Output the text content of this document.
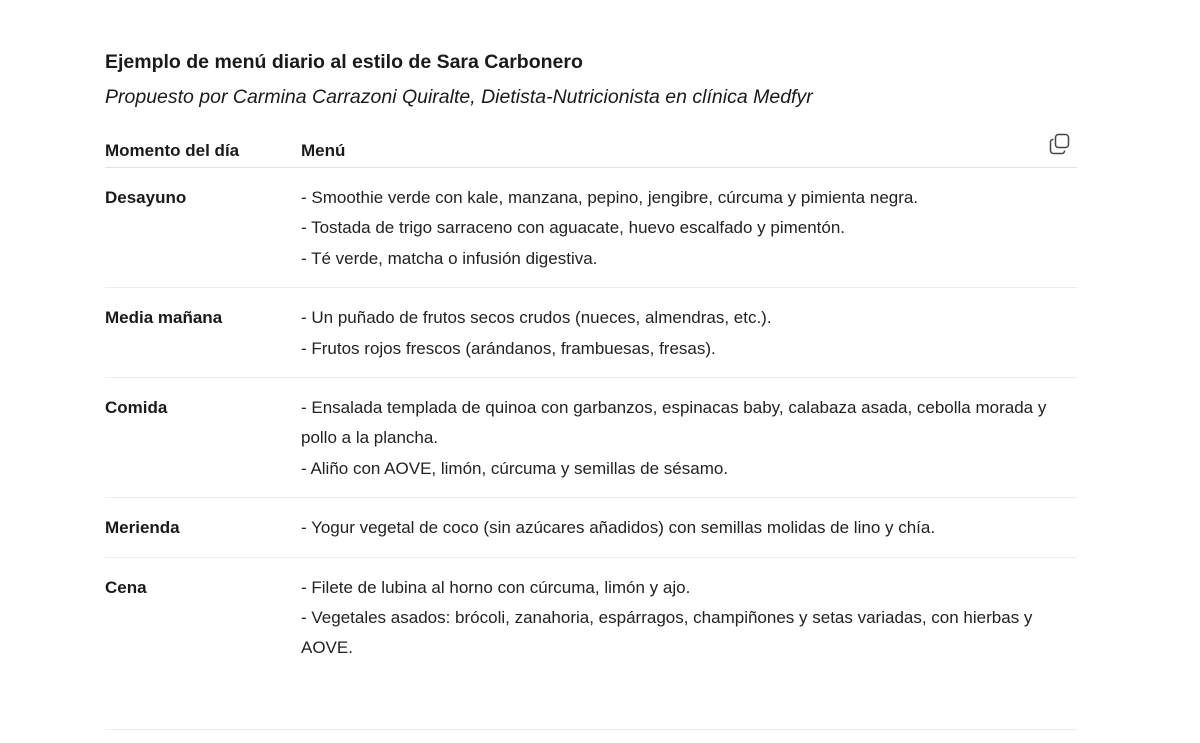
Ejemplo de menú diario al estilo de Sara Carbonero

Propuesto por Carmina Carrazoni Quiralte, Dietista-Nutricionista en clínica Medfyr

Momento del día	Menú
Desayuno	- Smoothie verde con kale, manzana, pepino, jengibre, cúrcuma y pimienta negra.
- Tostada de trigo sarraceno con aguacate, huevo escalfado y pimentón.
- Té verde, matcha o infusión digestiva.
Media mañana	- Un puñado de frutos secos crudos (nueces, almendras, etc.).
- Frutos rojos frescos (arándanos, frambuesas, fresas).
Comida	- Ensalada templada de quinoa con garbanzos, espinacas baby, calabaza asada, cebolla morada y pollo a la plancha.
- Aliño con AOVE, limón, cúrcuma y semillas de sésamo.
Merienda	- Yogur vegetal de coco (sin azúcares añadidos) con semillas molidas de lino y chía.
Cena	- Filete de lubina al horno con cúrcuma, limón y ajo.
- Vegetales asados: brócoli, zanahoria, espárragos, champiñones y setas variadas, con hierbas y AOVE.
